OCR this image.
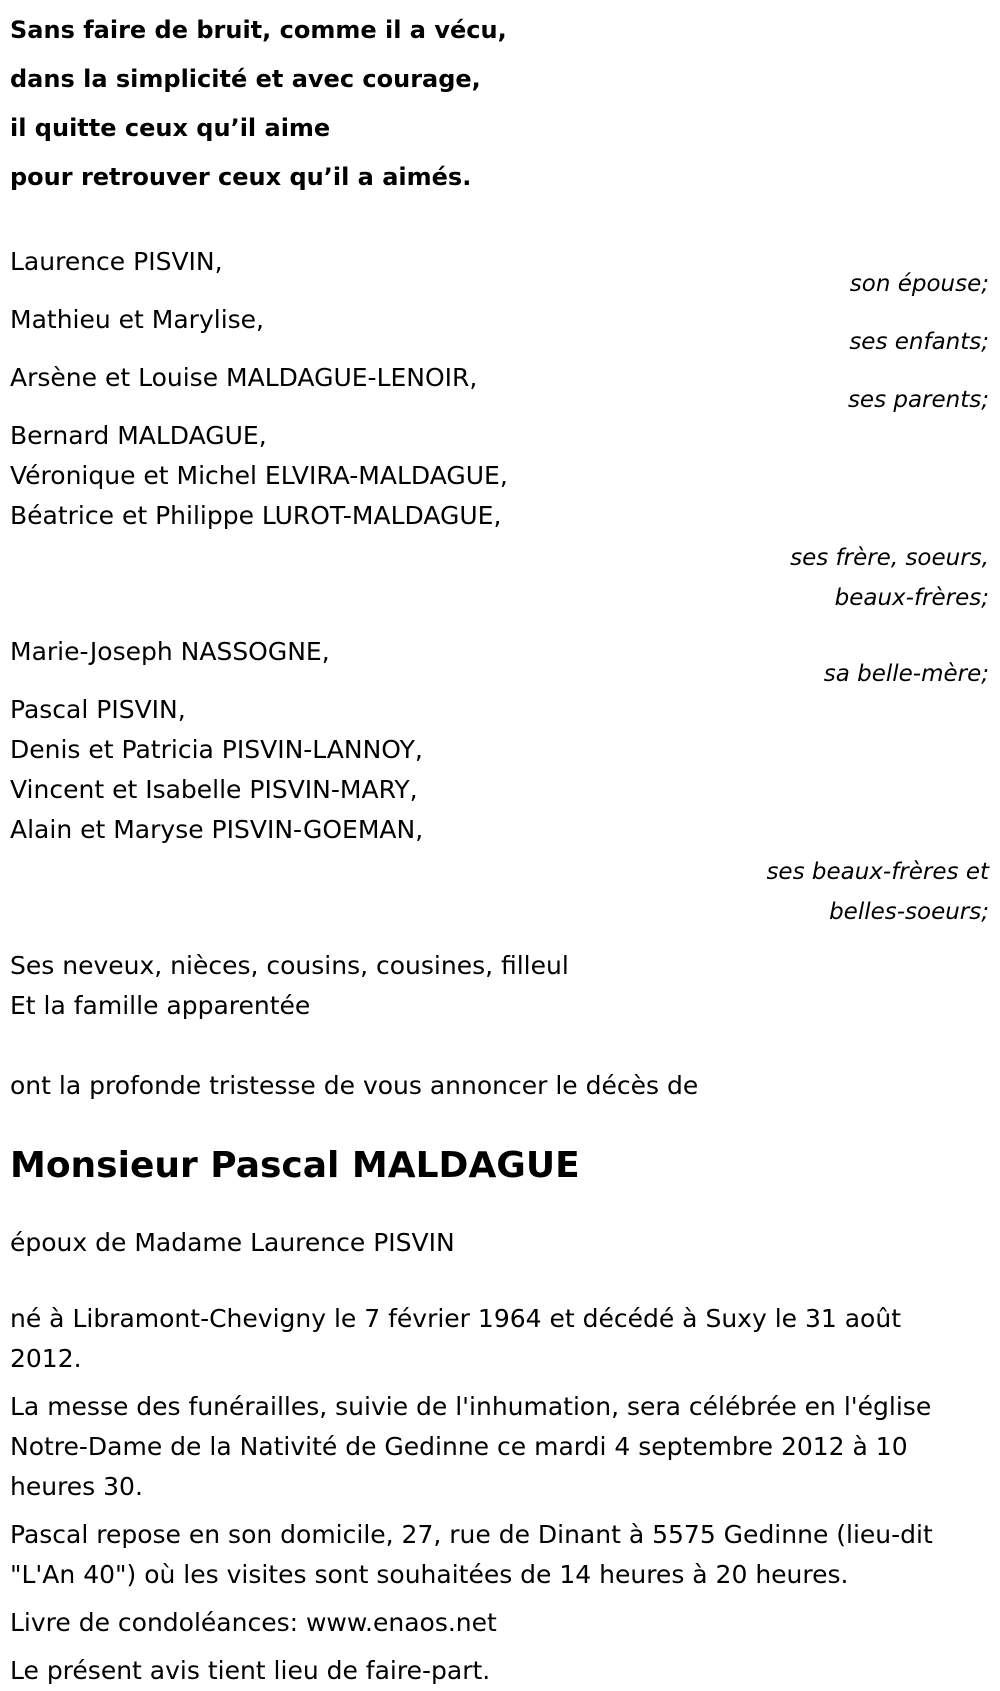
Sans faire de bruit, comme il a vécu,
dans la simplicité et avec courage,
il quitte ceux qu’il aime
pour retrouver ceux qu’il a aimés.
Laurence PISVIN,
son épouse;
Mathieu et Marylise,
ses enfants;
Arsène et Louise MALDAGUE-LENOIR,
ses parents;
Bernard MALDAGUE,
Véronique et Michel ELVIRA-MALDAGUE,
Béatrice et Philippe LUROT-MALDAGUE,
ses frère, soeurs,
beaux-frères;
Marie-Joseph NASSOGNE,
sa belle-mère;
Pascal PISVIN,
Denis et Patricia PISVIN-LANNOY,
Vincent et Isabelle PISVIN-MARY,
Alain et Maryse PISVIN-GOEMAN,
ses beaux-frères et
belles-soeurs;
Ses neveux, nièces, cousins, cousines, filleul
Et la famille apparentée
ont la profonde tristesse de vous annoncer le décès de
Monsieur Pascal MALDAGUE
époux de Madame Laurence PISVIN
né à Libramont-Chevigny le 7 février 1964 et décédé à Suxy le 31 août 2012.
La messe des funérailles, suivie de l'inhumation, sera célébrée en l'église Notre-Dame de la Nativité de Gedinne ce mardi 4 septembre 2012 à 10 heures 30.
Pascal repose en son domicile, 27, rue de Dinant à 5575 Gedinne (lieu-dit "L'An 40") où les visites sont souhaitées de 14 heures à 20 heures.
Livre de condoléances: www.enaos.net
Le présent avis tient lieu de faire-part.
